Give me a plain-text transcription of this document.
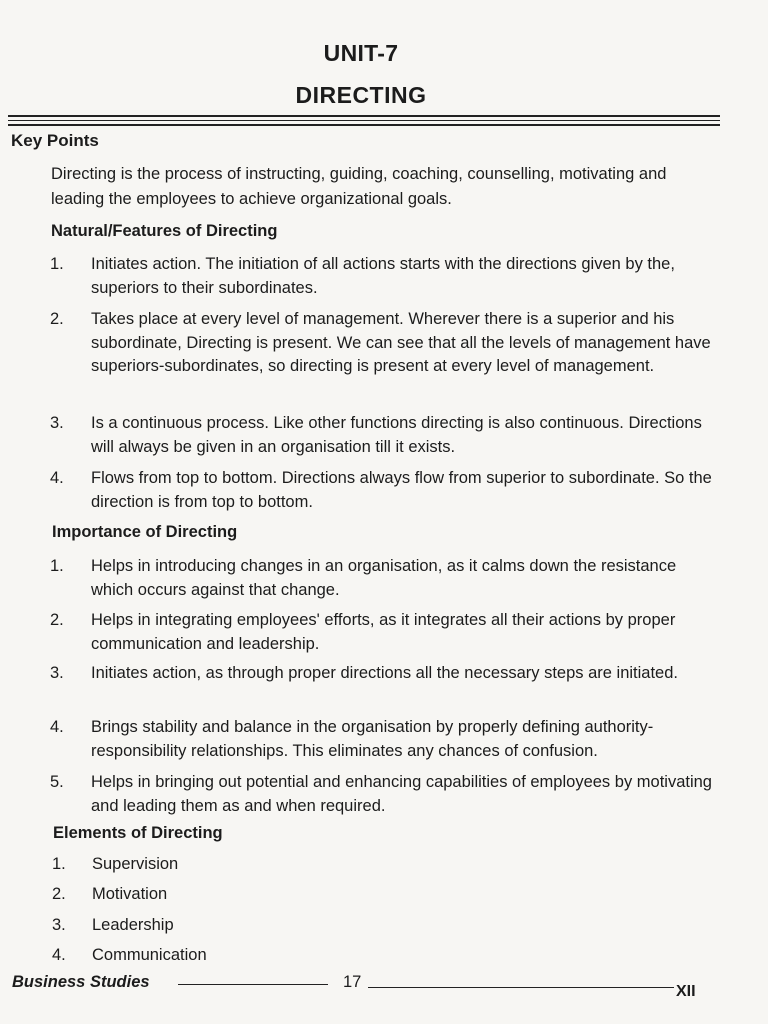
UNIT-7
DIRECTING
Key Points
Directing is the process of instructing, guiding, coaching, counselling, motivating and leading the employees to achieve organizational goals.
Natural/Features of Directing
1.	Initiates action. The initiation of all actions starts with the directions given by the, superiors to their subordinates.
2.	Takes place at every level of management. Wherever there is a superior and his subordinate, Directing is present. We can see that all the levels of management have superiors-subordinates, so directing is present at every level of management.
3.	Is a continuous process. Like other functions directing is also continuous. Directions will always be given in an organisation till it exists.
4.	Flows from top to bottom. Directions always flow from superior to subordinate. So the direction is from top to bottom.
Importance of Directing
1.	Helps in introducing changes in an organisation, as it calms down the resistance which occurs against that change.
2.	Helps in integrating employees' efforts, as it integrates all their actions by proper communication and leadership.
3.	Initiates action, as through proper directions all the necessary steps are initiated.
4.	Brings stability and balance in the organisation by properly defining authority-responsibility relationships. This eliminates any chances of confusion.
5.	Helps in bringing out potential and enhancing capabilities of employees by motivating and leading them as and when required.
Elements of Directing
1. Supervision
2. Motivation
3. Leadership
4. Communication
Business Studies	17
XII
